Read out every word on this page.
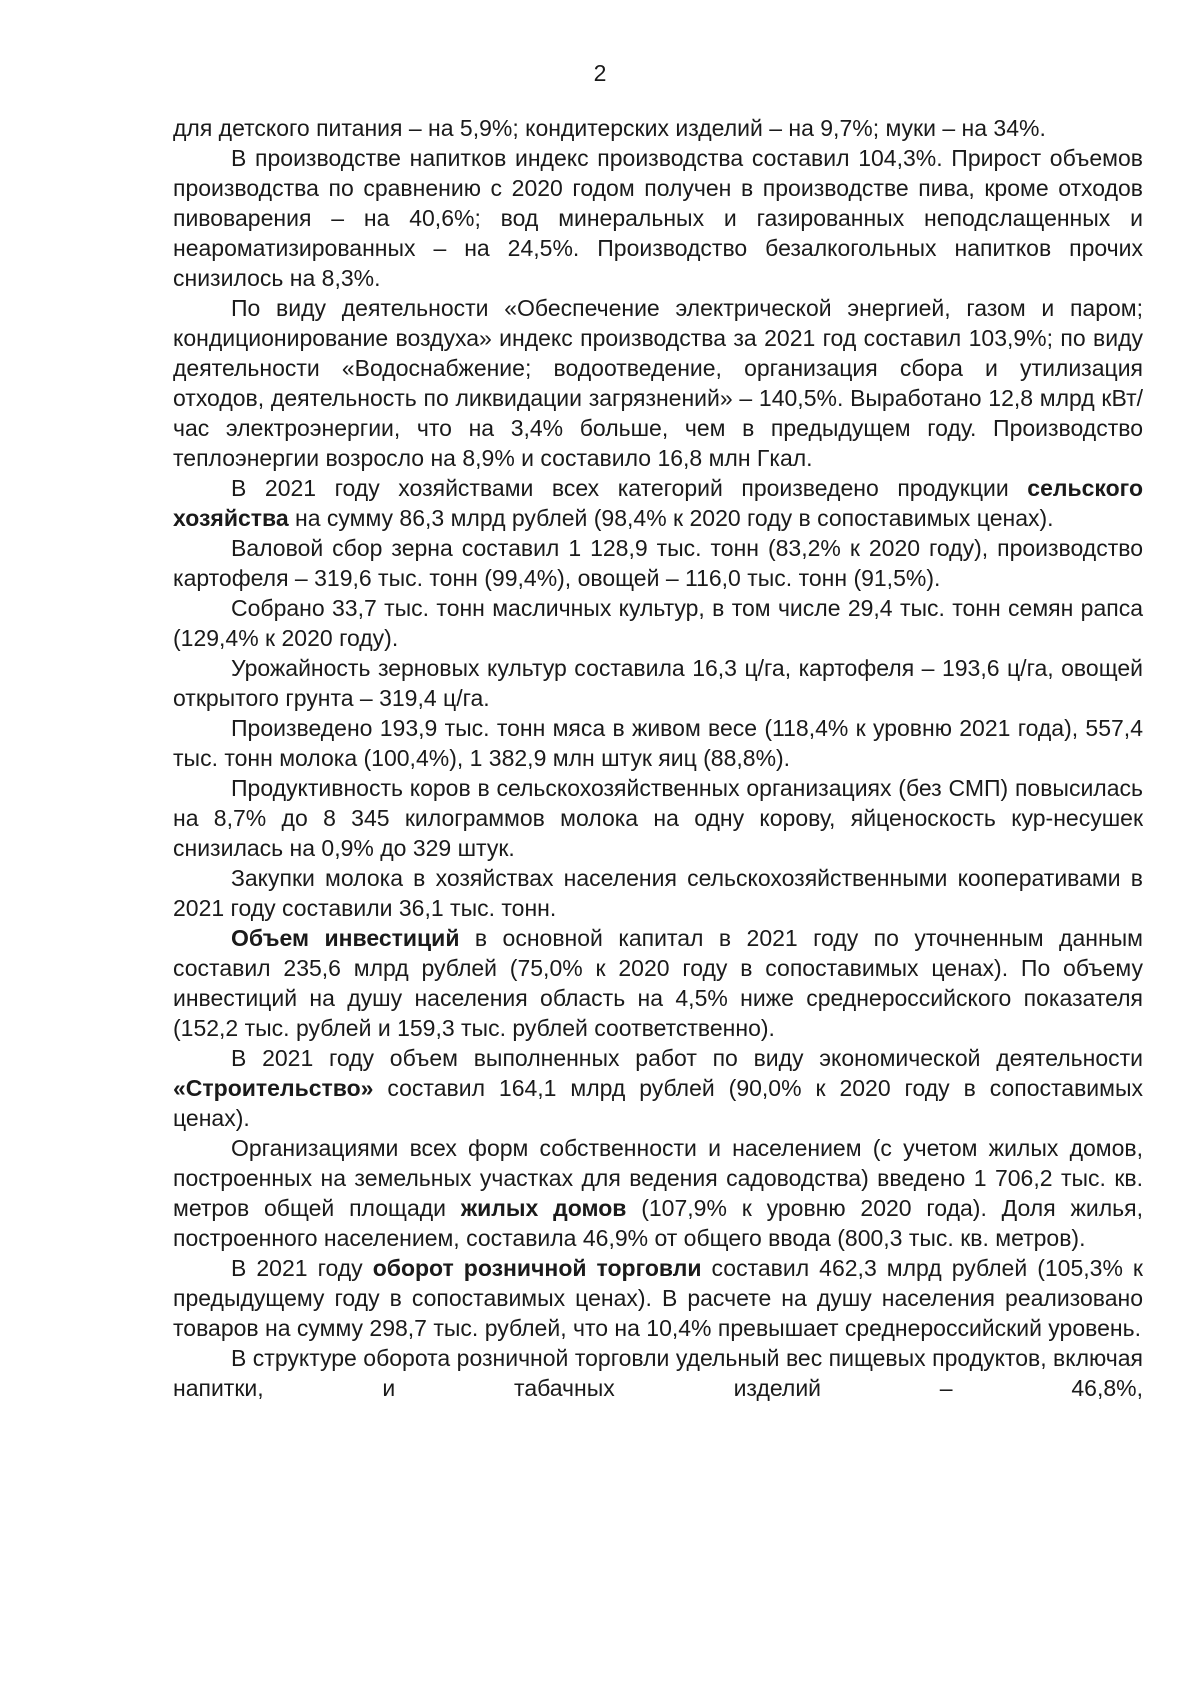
2

для детского питания – на 5,9%; кондитерских изделий – на 9,7%; муки – на 34%.

В производстве напитков индекс производства составил 104,3%. Прирост объемов производства по сравнению с 2020 годом получен в производстве пива, кроме отходов пивоварения – на 40,6%; вод минеральных и газированных неподслащенных и неароматизированных – на 24,5%. Производство безалкогольных напитков прочих снизилось на 8,3%.

По виду деятельности «Обеспечение электрической энергией, газом и паром; кондиционирование воздуха» индекс производства за 2021 год составил 103,9%; по виду деятельности «Водоснабжение; водоотведение, организация сбора и утилизация отходов, деятельность по ликвидации загрязнений» – 140,5%. Выработано 12,8 млрд кВт/час электроэнергии, что на 3,4% больше, чем в предыдущем году. Производство теплоэнергии возросло на 8,9% и составило 16,8 млн Гкал.

В 2021 году хозяйствами всех категорий произведено продукции сельского хозяйства на сумму 86,3 млрд рублей (98,4% к 2020 году в сопоставимых ценах).

Валовой сбор зерна составил 1 128,9 тыс. тонн (83,2% к 2020 году), производство картофеля – 319,6 тыс. тонн (99,4%), овощей – 116,0 тыс. тонн (91,5%).

Собрано 33,7 тыс. тонн масличных культур, в том числе 29,4 тыс. тонн семян рапса (129,4% к 2020 году).

Урожайность зерновых культур составила 16,3 ц/га, картофеля – 193,6 ц/га, овощей открытого грунта – 319,4 ц/га.

Произведено 193,9 тыс. тонн мяса в живом весе (118,4% к уровню 2021 года), 557,4 тыс. тонн молока (100,4%), 1 382,9 млн штук яиц (88,8%).

Продуктивность коров в сельскохозяйственных организациях (без СМП) повысилась на 8,7% до 8 345 килограммов молока на одну корову, яйценоскость кур-несушек снизилась на 0,9% до 329 штук.

Закупки молока в хозяйствах населения сельскохозяйственными кооперативами в 2021 году составили 36,1 тыс. тонн.

Объем инвестиций в основной капитал в 2021 году по уточненным данным составил 235,6 млрд рублей (75,0% к 2020 году в сопоставимых ценах). По объему инвестиций на душу населения область на 4,5% ниже среднероссийского показателя (152,2 тыс. рублей и 159,3 тыс. рублей соответственно).

В 2021 году объем выполненных работ по виду экономической деятельности «Строительство» составил 164,1 млрд рублей (90,0% к 2020 году в сопоставимых ценах).

Организациями всех форм собственности и населением (с учетом жилых домов, построенных на земельных участках для ведения садоводства) введено 1 706,2 тыс. кв. метров общей площади жилых домов (107,9% к уровню 2020 года). Доля жилья, построенного населением, составила 46,9% от общего ввода (800,3 тыс. кв. метров).

В 2021 году оборот розничной торговли составил 462,3 млрд рублей (105,3% к предыдущему году в сопоставимых ценах). В расчете на душу населения реализовано товаров на сумму 298,7 тыс. рублей, что на 10,4% превышает среднероссийский уровень.

В структуре оборота розничной торговли удельный вес пищевых продуктов, включая напитки, и табачных изделий – 46,8%,
